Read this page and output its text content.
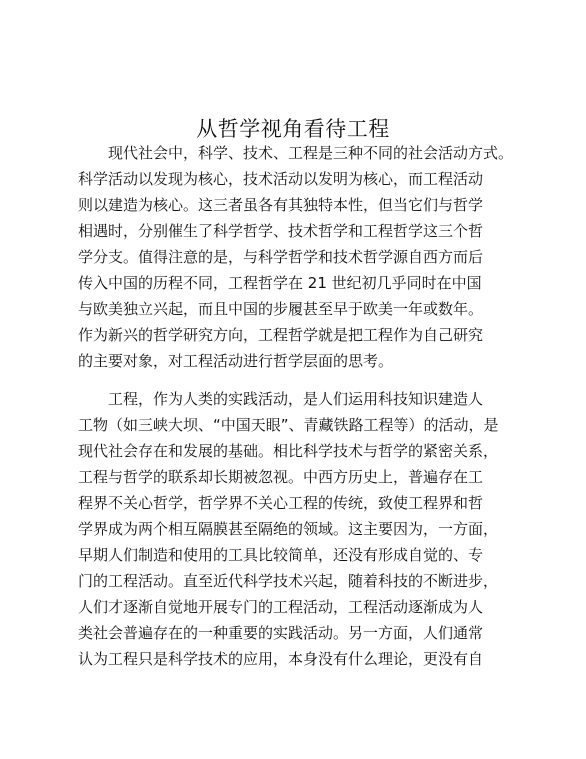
从哲学视角看待工程
现代社会中，科学、技术、工程是三种不同的社会活动方式。
科学活动以发现为核心，技术活动以发明为核心，而工程活动
则以建造为核心。这三者虽各有其独特本性，但当它们与哲学
相遇时，分别催生了科学哲学、技术哲学和工程哲学这三个哲
学分支。值得注意的是，与科学哲学和技术哲学源自西方而后
传入中国的历程不同，工程哲学在 21 世纪初几乎同时在中国
与欧美独立兴起，而且中国的步履甚至早于欧美一年或数年。
作为新兴的哲学研究方向，工程哲学就是把工程作为自己研究
的主要对象，对工程活动进行哲学层面的思考。
工程，作为人类的实践活动，是人们运用科技知识建造人
工物（如三峡大坝、“中国天眼”、青藏铁路工程等）的活动，是
现代社会存在和发展的基础。相比科学技术与哲学的紧密关系，
工程与哲学的联系却长期被忽视。中西方历史上，普遍存在工
程界不关心哲学，哲学界不关心工程的传统，致使工程界和哲
学界成为两个相互隔膜甚至隔绝的领域。这主要因为，一方面，
早期人们制造和使用的工具比较简单，还没有形成自觉的、专
门的工程活动。直至近代科学技术兴起，随着科技的不断进步，
人们才逐渐自觉地开展专门的工程活动，工程活动逐渐成为人
类社会普遍存在的一种重要的实践活动。另一方面，人们通常
认为工程只是科学技术的应用，本身没有什么理论，更没有自
